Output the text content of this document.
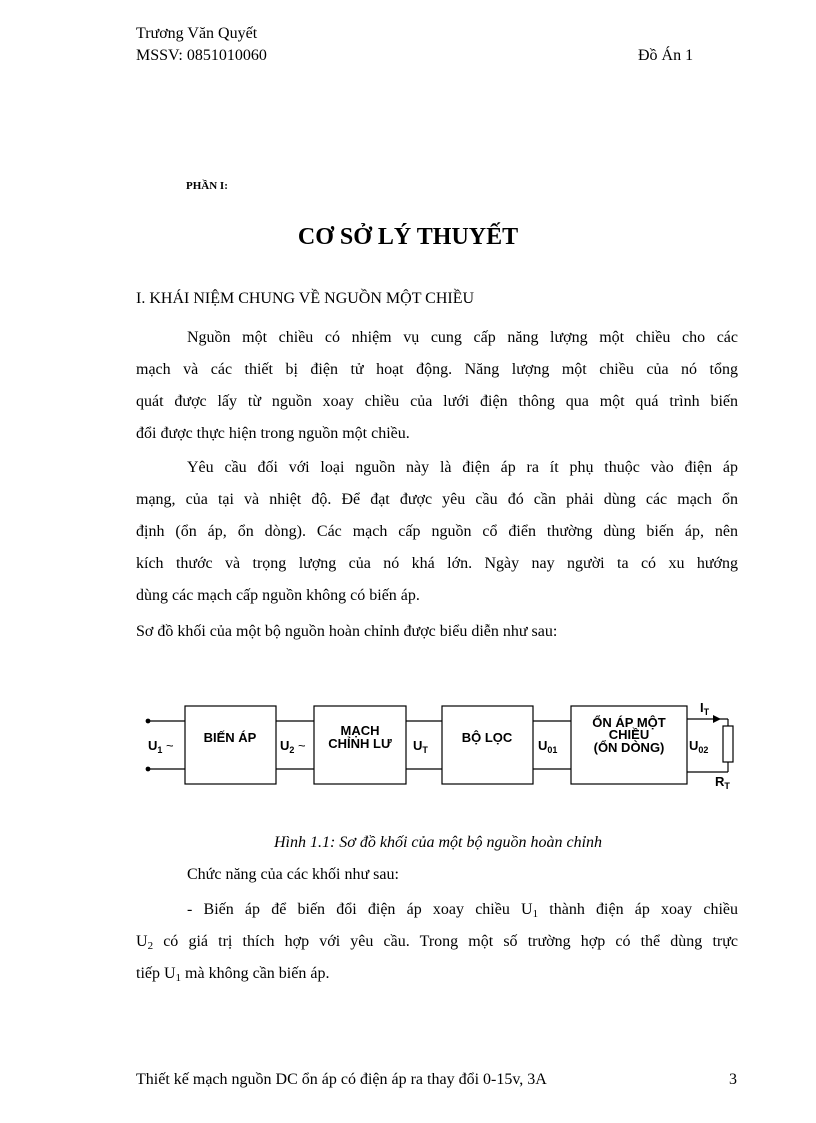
Trương Văn Quyết
MSSV: 0851010060	Đồ Án 1
PHẦN I:
CƠ SỞ LÝ THUYẾT
I. KHÁI NIỆM CHUNG VỀ NGUỒN MỘT CHIỀU
Nguồn một chiều có nhiệm vụ cung cấp năng lượng một chiều cho các
mạch và các thiết bị điện tử hoạt động. Năng lượng một chiều của nó tổng
quát được lấy từ nguồn xoay chiều của lưới điện thông qua một quá trình biến
đổi được thực hiện trong nguồn một chiều.
Yêu cầu đối với loại nguồn này là điện áp ra ít phụ thuộc vào điện áp
mạng, của tại và nhiệt độ. Để đạt được yêu cầu đó cần phải dùng các mạch ổn
định (ổn áp, ổn dòng). Các mạch cấp nguồn cổ điển thường dùng biến áp, nên
kích thước và trọng lượng của nó khá lớn. Ngày nay người ta có xu hướng
dùng các mạch cấp nguồn không có biến áp.
Sơ đồ khối của một bộ nguồn hoàn chỉnh được biểu diễn như sau:
$U_1$ ~
BIẾN ÁP
$U_2$ ~
MẠCH
CHỈNH LƯ $U_T$
BỘ LỌC
$U_{01}$
ỔN ÁP MỘT
CHIỀU
(ỔN DÒNG) $U_{02}$
$I_T$
$R_T$
Hình 1.1: Sơ đồ khối của một bộ nguồn hoàn chỉnh
Chức năng của các khối như sau:
- Biến áp để biến đổi điện áp xoay chiều $U_1$ thành điện áp xoay chiều
$U_2$ có giá trị thích hợp với yêu cầu. Trong một số trường hợp có thể dùng trực
tiếp $U_1$ mà không cần biến áp.
Thiết kế mạch nguồn DC ổn áp có điện áp ra thay đổi 0-15v, 3A	3
